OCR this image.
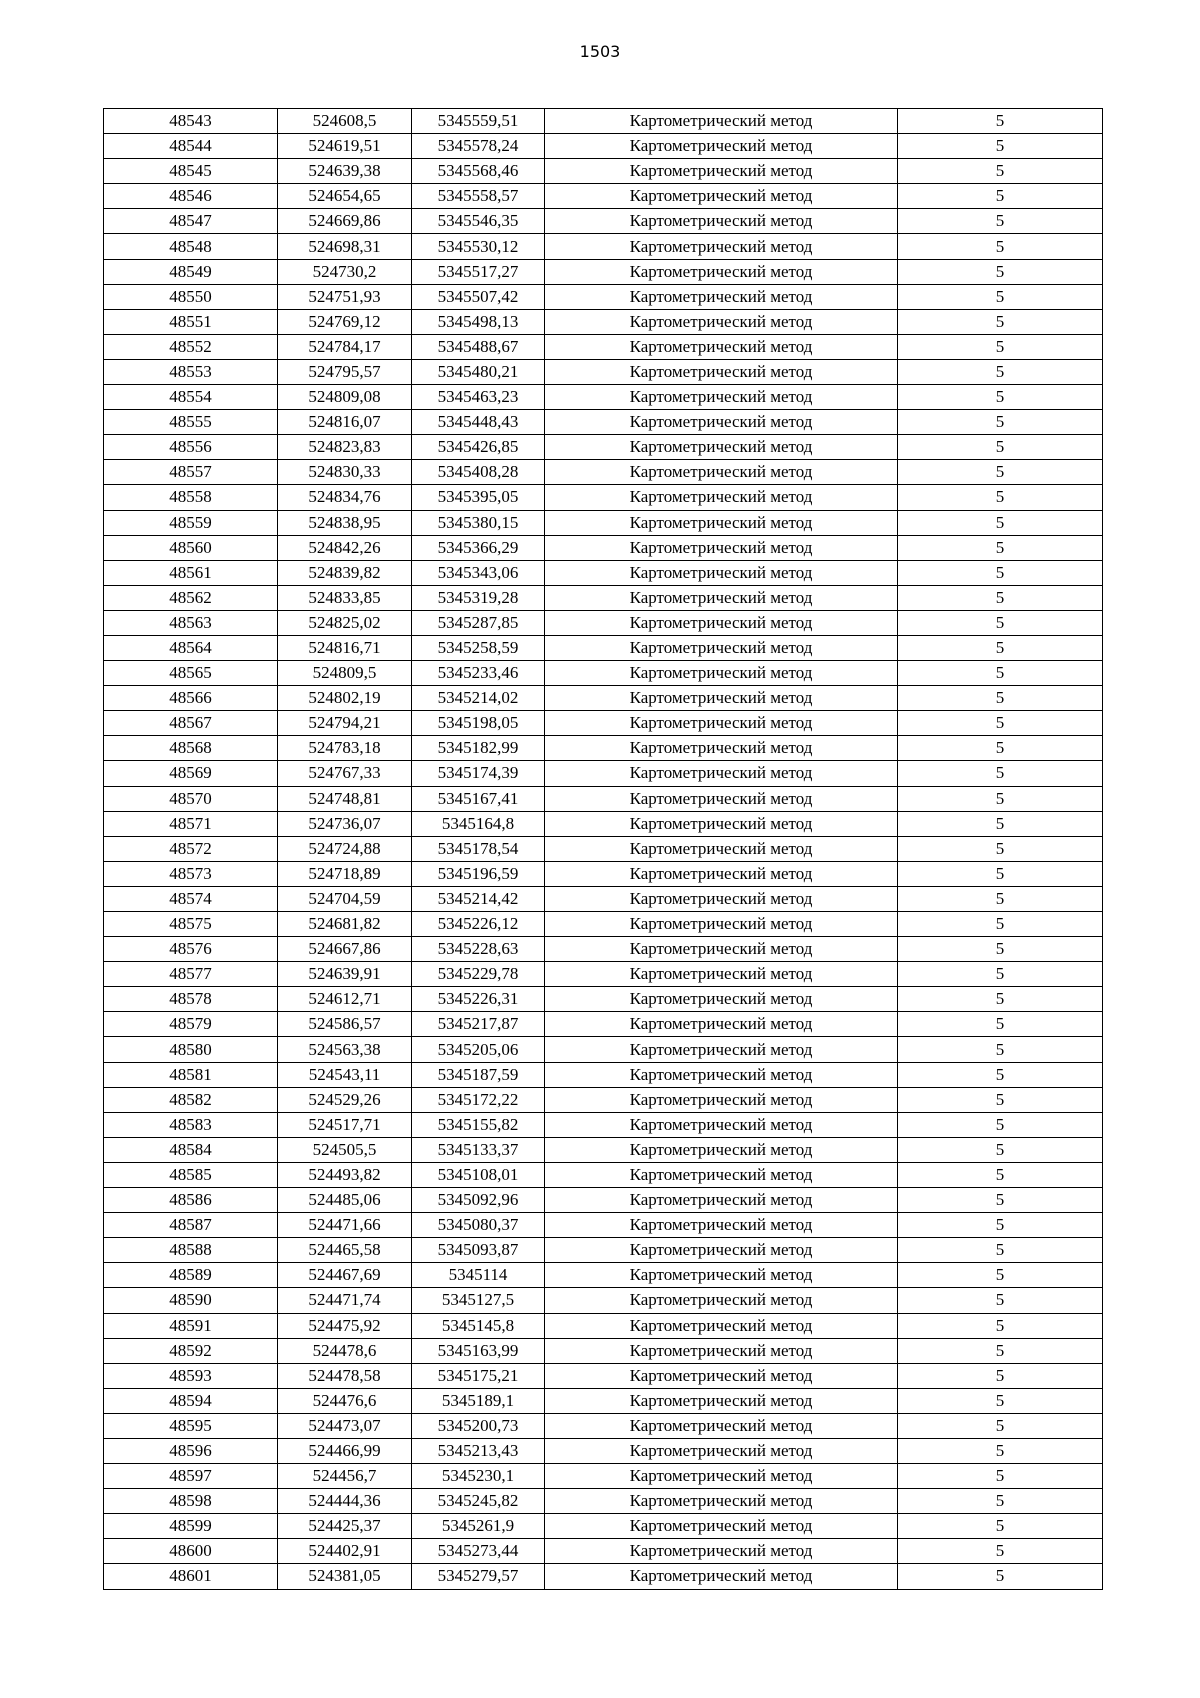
1503
48543	524608,5	5345559,51	Картометрический метод	5
48544	524619,51	5345578,24	Картометрический метод	5
48545	524639,38	5345568,46	Картометрический метод	5
48546	524654,65	5345558,57	Картометрический метод	5
48547	524669,86	5345546,35	Картометрический метод	5
48548	524698,31	5345530,12	Картометрический метод	5
48549	524730,2	5345517,27	Картометрический метод	5
48550	524751,93	5345507,42	Картометрический метод	5
48551	524769,12	5345498,13	Картометрический метод	5
48552	524784,17	5345488,67	Картометрический метод	5
48553	524795,57	5345480,21	Картометрический метод	5
48554	524809,08	5345463,23	Картометрический метод	5
48555	524816,07	5345448,43	Картометрический метод	5
48556	524823,83	5345426,85	Картометрический метод	5
48557	524830,33	5345408,28	Картометрический метод	5
48558	524834,76	5345395,05	Картометрический метод	5
48559	524838,95	5345380,15	Картометрический метод	5
48560	524842,26	5345366,29	Картометрический метод	5
48561	524839,82	5345343,06	Картометрический метод	5
48562	524833,85	5345319,28	Картометрический метод	5
48563	524825,02	5345287,85	Картометрический метод	5
48564	524816,71	5345258,59	Картометрический метод	5
48565	524809,5	5345233,46	Картометрический метод	5
48566	524802,19	5345214,02	Картометрический метод	5
48567	524794,21	5345198,05	Картометрический метод	5
48568	524783,18	5345182,99	Картометрический метод	5
48569	524767,33	5345174,39	Картометрический метод	5
48570	524748,81	5345167,41	Картометрический метод	5
48571	524736,07	5345164,8	Картометрический метод	5
48572	524724,88	5345178,54	Картометрический метод	5
48573	524718,89	5345196,59	Картометрический метод	5
48574	524704,59	5345214,42	Картометрический метод	5
48575	524681,82	5345226,12	Картометрический метод	5
48576	524667,86	5345228,63	Картометрический метод	5
48577	524639,91	5345229,78	Картометрический метод	5
48578	524612,71	5345226,31	Картометрический метод	5
48579	524586,57	5345217,87	Картометрический метод	5
48580	524563,38	5345205,06	Картометрический метод	5
48581	524543,11	5345187,59	Картометрический метод	5
48582	524529,26	5345172,22	Картометрический метод	5
48583	524517,71	5345155,82	Картометрический метод	5
48584	524505,5	5345133,37	Картометрический метод	5
48585	524493,82	5345108,01	Картометрический метод	5
48586	524485,06	5345092,96	Картометрический метод	5
48587	524471,66	5345080,37	Картометрический метод	5
48588	524465,58	5345093,87	Картометрический метод	5
48589	524467,69	5345114	Картометрический метод	5
48590	524471,74	5345127,5	Картометрический метод	5
48591	524475,92	5345145,8	Картометрический метод	5
48592	524478,6	5345163,99	Картометрический метод	5
48593	524478,58	5345175,21	Картометрический метод	5
48594	524476,6	5345189,1	Картометрический метод	5
48595	524473,07	5345200,73	Картометрический метод	5
48596	524466,99	5345213,43	Картометрический метод	5
48597	524456,7	5345230,1	Картометрический метод	5
48598	524444,36	5345245,82	Картометрический метод	5
48599	524425,37	5345261,9	Картометрический метод	5
48600	524402,91	5345273,44	Картометрический метод	5
48601	524381,05	5345279,57	Картометрический метод	5
